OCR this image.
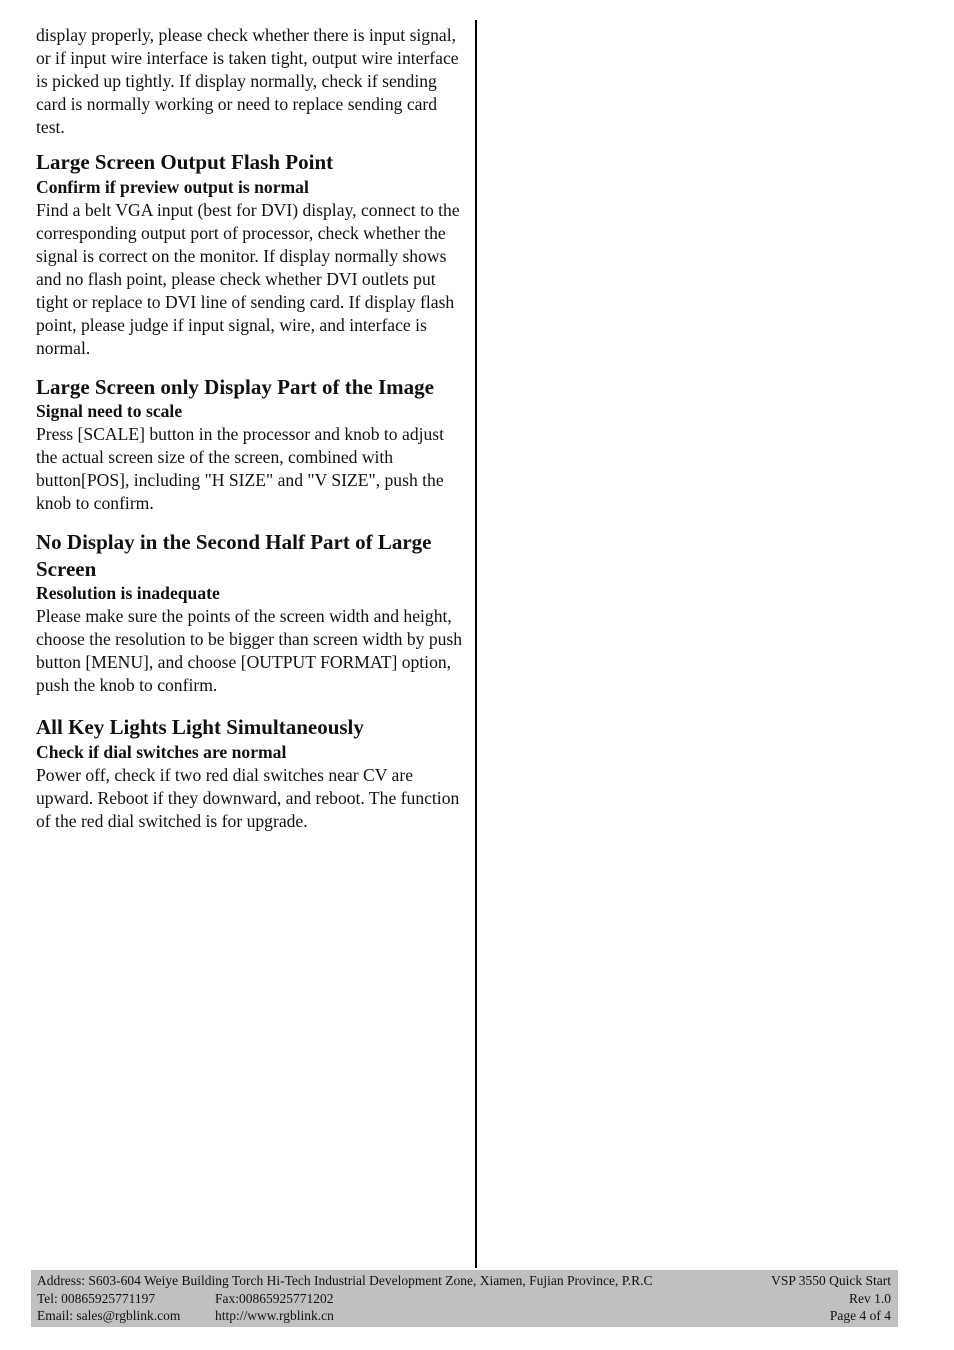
display properly, please check whether there is input signal, or if input wire interface is taken tight, output wire interface is picked up tightly. If display normally, check if sending card is normally working or need to replace sending card test.

Large Screen Output Flash Point
Confirm if preview output is normal

Find a belt VGA input (best for DVI) display, connect to the corresponding output port of processor, check whether the signal is correct on the monitor. If display normally shows and no flash point, please check whether DVI outlets put tight or replace to DVI line of sending card. If display flash point, please judge if input signal, wire, and interface is normal.

Large Screen only Display Part of the Image
Signal need to scale

Press [SCALE] button in the processor and knob to adjust the actual screen size of the screen, combined with button[POS], including "H SIZE" and "V SIZE", push the knob to confirm.

No Display in the Second Half Part of Large Screen
Resolution is inadequate

Please make sure the points of the screen width and height, choose the resolution to be bigger than screen width by push button [MENU], and choose [OUTPUT FORMAT] option, push the knob to confirm.

All Key Lights Light Simultaneously
Check if dial switches are normal

Power off, check if two red dial switches near CV are upward. Reboot if they downward, and reboot. The function of the red dial switched is for upgrade.

Address: S603-604 Weiye Building Torch Hi-Tech Industrial Development Zone, Xiamen, Fujian Province, P.R.C
Tel: 00865925771197	Fax:00865925771202
Email: sales@rgblink.com	http://www.rgblink.cn
VSP 3550 Quick Start
Rev 1.0
Page 4 of 4
